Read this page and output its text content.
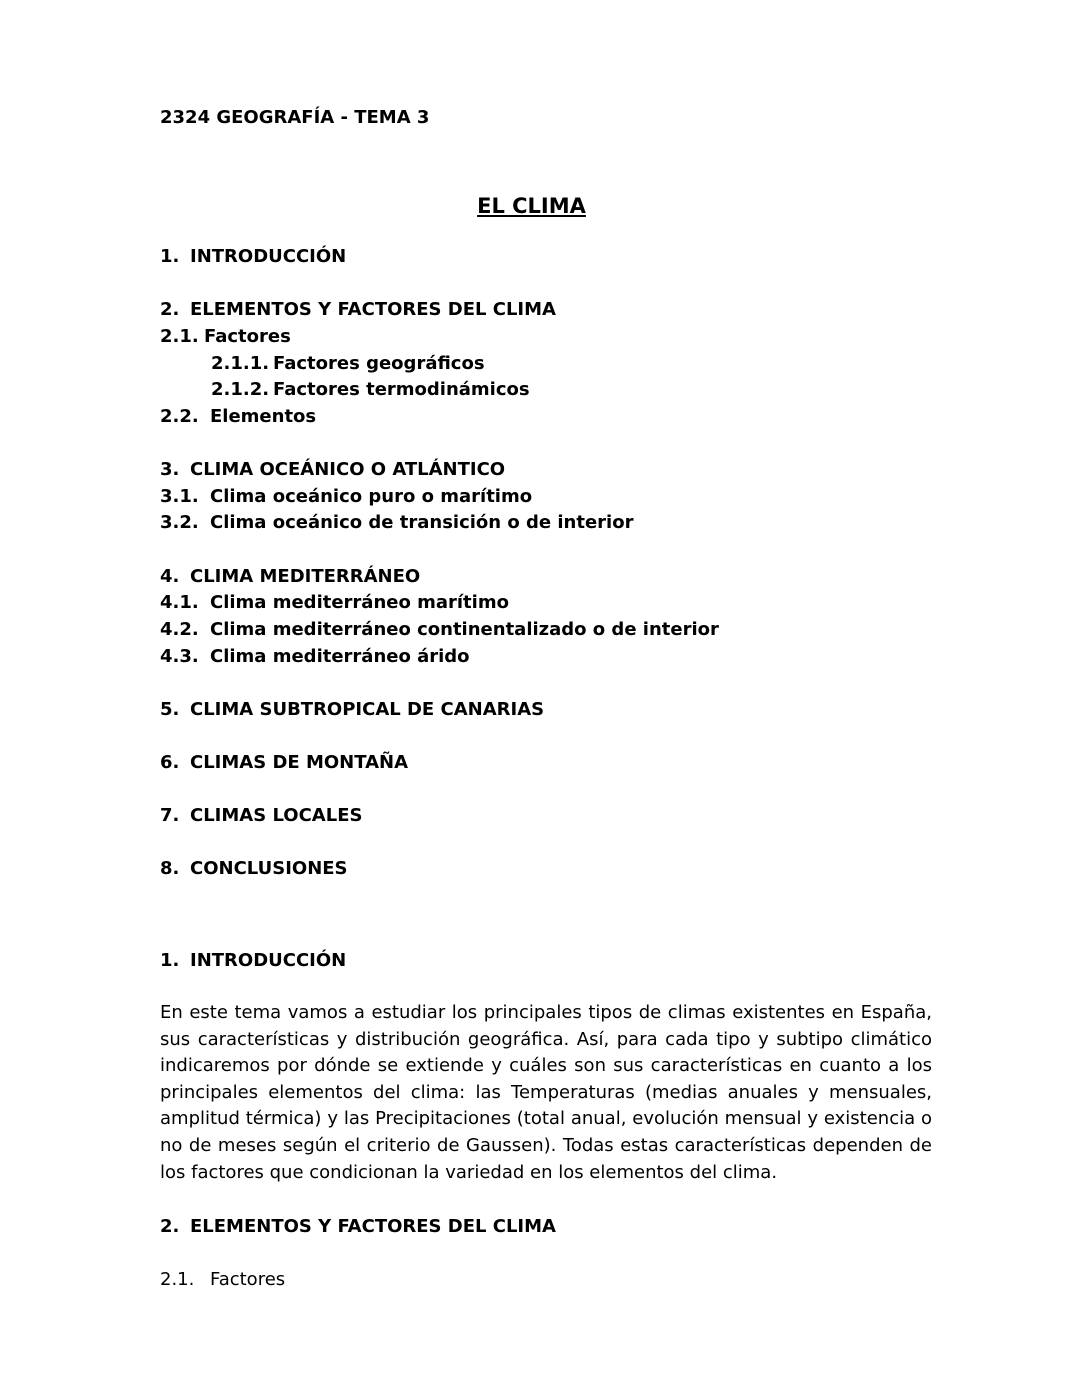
2324 GEOGRAFÍA - TEMA 3
EL CLIMA
1. INTRODUCCIÓN
2. ELEMENTOS Y FACTORES DEL CLIMA
2.1. Factores
2.1.1. Factores geográficos
2.1.2. Factores termodinámicos
2.2. Elementos
3. CLIMA OCEÁNICO O ATLÁNTICO
3.1. Clima oceánico puro o marítimo
3.2. Clima oceánico de transición o de interior
4. CLIMA MEDITERRÁNEO
4.1. Clima mediterráneo marítimo
4.2. Clima mediterráneo continentalizado o de interior
4.3. Clima mediterráneo árido
5. CLIMA SUBTROPICAL DE CANARIAS
6. CLIMAS DE MONTAÑA
7. CLIMAS LOCALES
8. CONCLUSIONES
1. INTRODUCCIÓN
En este tema vamos a estudiar los principales tipos de climas existentes en España, sus características y distribución geográfica. Así, para cada tipo y subtipo climático indicaremos por dónde se extiende y cuáles son sus características en cuanto a los principales elementos del clima: las Temperaturas (medias anuales y mensuales, amplitud térmica) y las Precipitaciones (total anual, evolución mensual y existencia o no de meses según el criterio de Gaussen). Todas estas características dependen de los factores que condicionan la variedad en los elementos del clima.
2. ELEMENTOS Y FACTORES DEL CLIMA
2.1. Factores
